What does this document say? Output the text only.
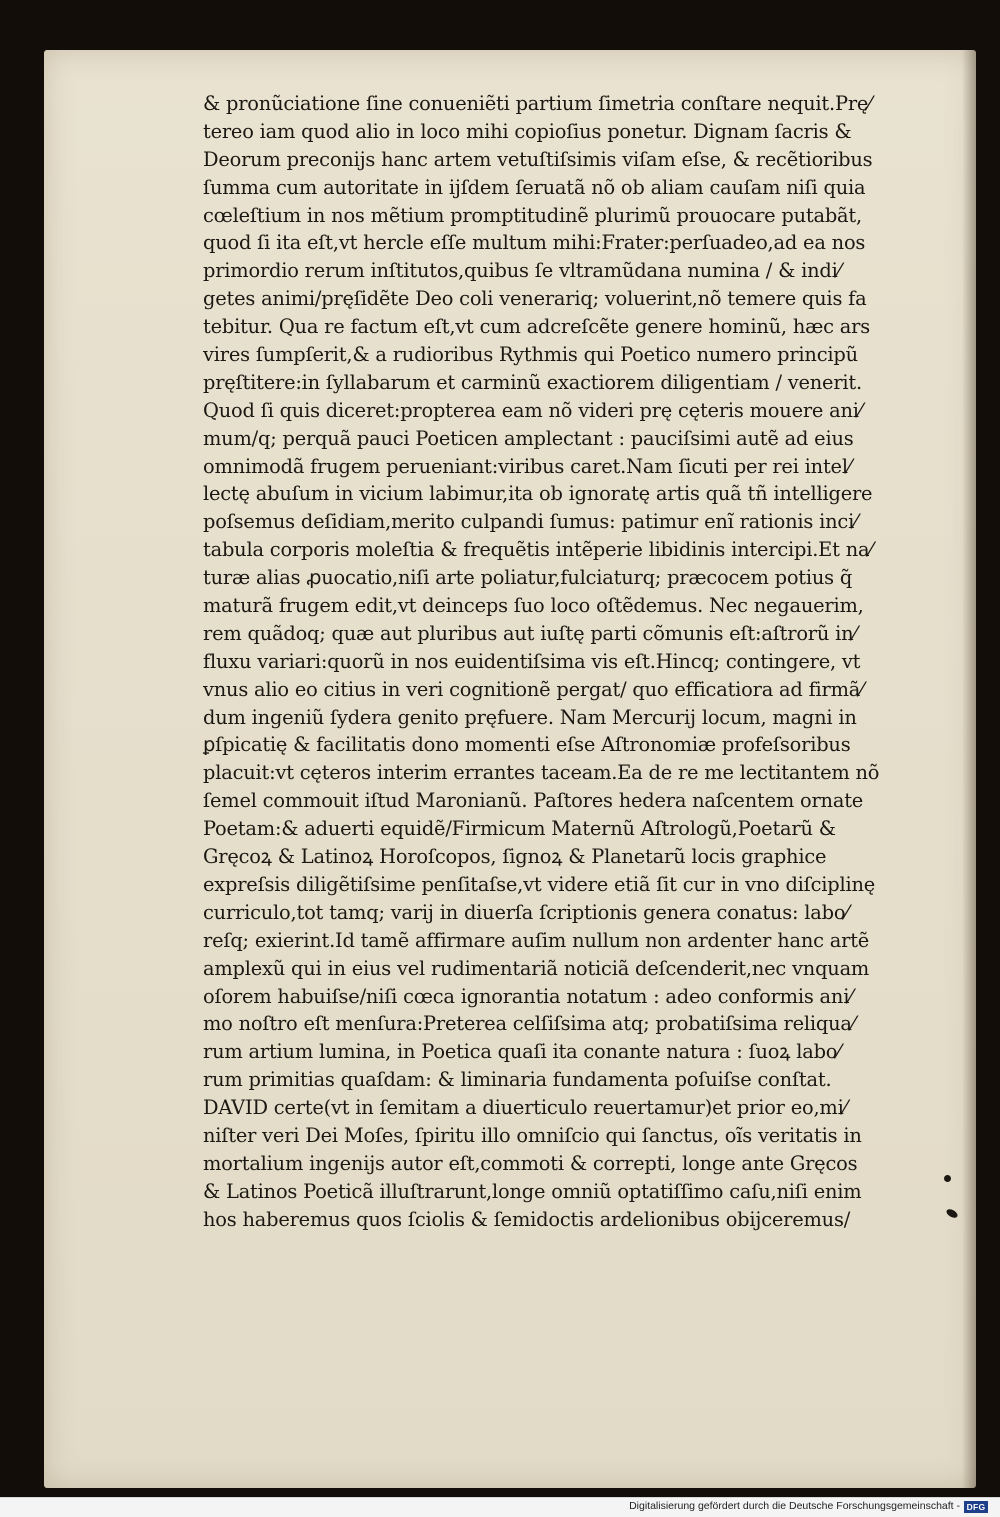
& pronũciatione ſine conueniẽti partium ſimetria conſtare nequit.Prę⁄
tereo iam quod alio in loco mihi copioſius ponetur. Dignam ſacris &
Deorum preconijs hanc artem vetuſtiſsimis viſam eſse, & recẽtioribus
ſumma cum autoritate in ijſdem ſeruatã nõ ob aliam cauſam niſi quia
cœleſtium in nos mẽtium promptitudinẽ plurimũ prouocare putabãt,
quod ſi ita eſt,vt hercle eſſe multum mihi:Frater:perſuadeo,ad ea nos
primordio rerum inſtitutos,quibus ſe vltramũdana numina / & indi⁄
getes animi/pręſidẽte Deo coli venerariq; voluerint,nõ temere quis fa
tebitur. Qua re factum eſt,vt cum adcreſcẽte genere hominũ, hæc ars
vires ſumpſerit,& a rudioribus Rythmis qui Poetico numero principũ
pręſtitere:in ſyllabarum et carminũ exactiorem diligentiam / venerit.
Quod ſi quis diceret:propterea eam nõ videri prę cęteris mouere ani⁄
mum/q; perquã pauci Poeticen amplectant : pauciſsimi autẽ ad eius
omnimodã frugem perueniant:viribus caret.Nam ſicuti per rei intel⁄
lectę abuſum in vicium labimur,ita ob ignoratę artis quã tñ intelligere
poſsemus deſidiam,merito culpandi ſumus: patimur enĩ rationis inci⁄
tabula corporis moleſtia & frequẽtis intẽperie libidinis intercipi.Et na⁄
turæ alias ꝓuocatio,niſi arte poliatur,fulciaturq; præcocem potius q̃
maturã frugem edit,vt deinceps ſuo loco oſtẽdemus. Nec negauerim,
rem quãdoq; quæ aut pluribus aut iuſtę parti cõmunis eſt:aſtrorũ in⁄
fluxu variari:quorũ in nos euidentiſsima vis eſt.Hincq; contingere, vt
vnus alio eo citius in veri cognitionẽ pergat/ quo efficatiora ad firmã⁄
dum ingeniũ ſydera genito pręfuere. Nam Mercurij locum, magni in
ꝑſpicatię & facilitatis dono momenti eſse Aſtronomiæ profeſsoribus
placuit:vt cęteros interim errantes taceam.Ea de re me lectitantem nõ
ſemel commouit iſtud Maronianũ. Paſtores hedera naſcentem ornate
Poetam:& aduerti equidẽ/Firmicum Maternũ Aſtrologũ,Poetarũ &
Gręcoꝝ & Latinoꝝ Horoſcopos, ſignoꝝ & Planetarũ locis graphice
expreſsis diligẽtiſsime penſitaſse,vt videre etiã ſit cur in vno diſciplinę
curriculo,tot tamq; varij in diuerſa ſcriptionis genera conatus: labo⁄
reſq; exierint.Id tamẽ affirmare auſim nullum non ardenter hanc artẽ
amplexũ qui in eius vel rudimentariã noticiã deſcenderit,nec vnquam
oſorem habuiſse/niſi cœca ignorantia notatum : adeo conformis ani⁄
mo noſtro eſt menſura:Preterea celſiſsima atq; probatiſsima reliqua⁄
rum artium lumina, in Poetica quaſi ita conante natura : ſuoꝝ labo⁄
rum primitias quaſdam: & liminaria fundamenta poſuiſse conſtat.
DAVID certe(vt in ſemitam a diuerticulo reuertamur)et prior eo,mi⁄
niſter veri Dei Moſes, ſpiritu illo omniſcio qui ſanctus, oĩs veritatis in
mortalium ingenijs autor eſt,commoti & correpti, longe ante Gręcos
& Latinos Poeticã illuſtrarunt,longe omniũ optatiſſimo caſu,niſi enim
hos haberemus quos ſciolis & ſemidoctis ardelionibus obijceremus/
Digitalisierung gefördert durch die Deutsche Forschungsgemeinschaft - DFG
